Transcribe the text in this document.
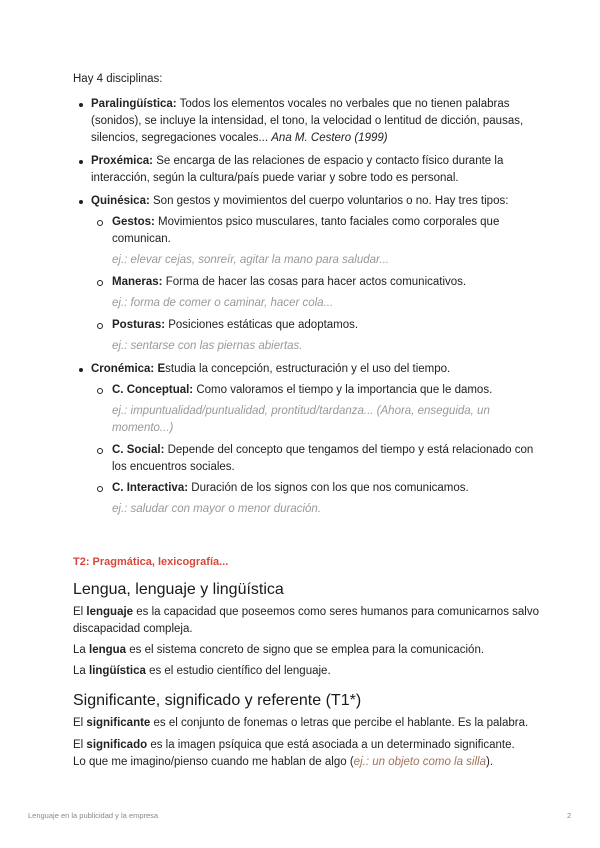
Hay 4 disciplinas:
Paralingüística: Todos los elementos vocales no verbales que no tienen palabras (sonidos), se incluye la intensidad, el tono, la velocidad o lentitud de dicción, pausas, silencios, segregaciones vocales... Ana M. Cestero (1999)
Proxémica: Se encarga de las relaciones de espacio y contacto físico durante la interacción, según la cultura/país puede variar y sobre todo es personal.
Quinésica: Son gestos y movimientos del cuerpo voluntarios o no. Hay tres tipos:
Gestos: Movimientos psico musculares, tanto faciales como corporales que comunican.
ej.: elevar cejas, sonreír, agitar la mano para saludar...
Maneras: Forma de hacer las cosas para hacer actos comunicativos.
ej.: forma de comer o caminar, hacer cola...
Posturas: Posiciones estáticas que adoptamos.
ej.: sentarse con las piernas abiertas.
Cronémica: Estudia la concepción, estructuración y el uso del tiempo.
C. Conceptual: Como valoramos el tiempo y la importancia que le damos.
ej.: impuntualidad/puntualidad, prontitud/tardanza... (Ahora, enseguida, un momento...)
C. Social: Depende del concepto que tengamos del tiempo y está relacionado con los encuentros sociales.
C. Interactiva: Duración de los signos con los que nos comunicamos.
ej.: saludar con mayor o menor duración.
T2: Pragmática, lexicografía...
Lengua, lenguaje y lingüística
El lenguaje es la capacidad que poseemos como seres humanos para comunicarnos salvo discapacidad compleja.
La lengua es el sistema concreto de signo que se emplea para la comunicación.
La lingüística es el estudio científico del lenguaje.
Significante, significado y referente (T1*)
El significante es el conjunto de fonemas o letras que percibe el hablante. Es la palabra.
El significado es la imagen psíquica que está asociada a un determinado significante.
Lo que me imagino/pienso cuando me hablan de algo (ej.: un objeto como la silla).
Lenguaje en la publicidad y la empresa	2
